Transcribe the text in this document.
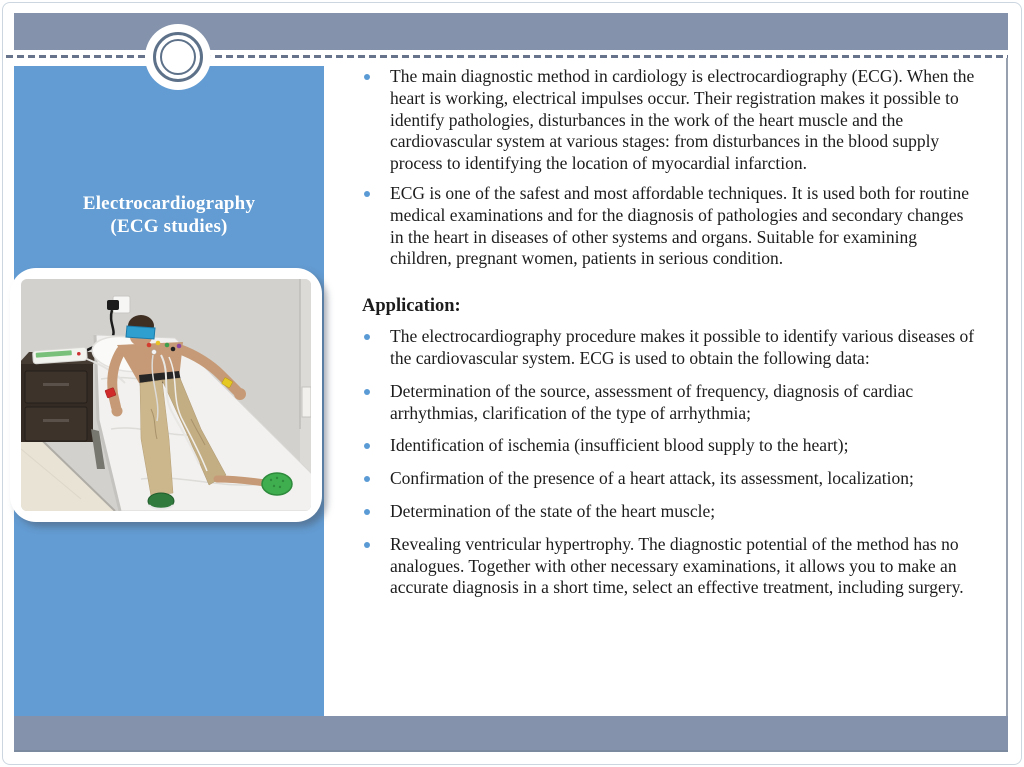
Electrocardiography
(ECG studies)
The main diagnostic method in cardiology is electrocardiography (ECG). When the heart is working, electrical impulses occur. Their registration makes it possible to identify pathologies, disturbances in the work of the heart muscle and the cardiovascular system at various stages: from disturbances in the blood supply process to identifying the location of myocardial infarction.
ECG is one of the safest and most affordable techniques. It is used both for routine medical examinations and for the diagnosis of pathologies and secondary changes in the heart in diseases of other systems and organs. Suitable for examining children, pregnant women, patients in serious condition.
Application:
The electrocardiography procedure makes it possible to identify various diseases of the cardiovascular system. ECG is used to obtain the following data:
Determination of the source, assessment of frequency, diagnosis of cardiac arrhythmias, clarification of the type of arrhythmia;
Identification of ischemia (insufficient blood supply to the heart);
Confirmation of the presence of a heart attack, its assessment, localization;
Determination of the state of the heart muscle;
Revealing ventricular hypertrophy. The diagnostic potential of the method has no analogues. Together with other necessary examinations, it allows you to make an accurate diagnosis in a short time, select an effective treatment, including surgery.
